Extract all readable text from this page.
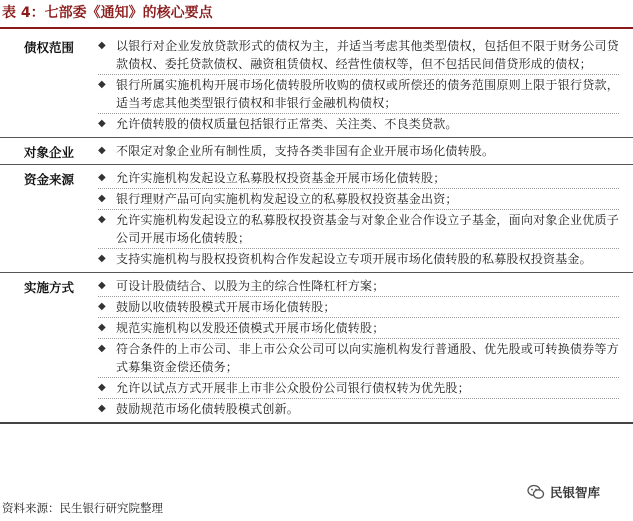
表 4：七部委《通知》的核心要点
债权范围	◆ 以银行对企业发放贷款形式的债权为主，并适当考虑其他类型债权，包括但不限于财务公司贷款债权、委托贷款债权、融资租赁债权、经营性债权等，但不包括民间借贷形成的债权；
◆ 银行所属实施机构开展市场化债转股所收购的债权或所偿还的债务范围原则上限于银行贷款，适当考虑其他类型银行债权和非银行金融机构债权；
◆ 允许债转股的债权质量包括银行正常类、关注类、不良类贷款。
对象企业	◆ 不限定对象企业所有制性质，支持各类非国有企业开展市场化债转股。
资金来源	◆ 允许实施机构发起设立私募股权投资基金开展市场化债转股；
◆ 银行理财产品可向实施机构发起设立的私募股权投资基金出资；
◆ 允许实施机构发起设立的私募股权投资基金与对象企业合作设立子基金，面向对象企业优质子公司开展市场化债转股；
◆ 支持实施机构与股权投资机构合作发起设立专项开展市场化债转股的私募股权投资基金。
实施方式	◆ 可设计股债结合、以股为主的综合性降杠杆方案；
◆ 鼓励以收债转股模式开展市场化债转股；
◆ 规范实施机构以发股还债模式开展市场化债转股；
◆ 符合条件的上市公司、非上市公众公司可以向实施机构发行普通股、优先股或可转换债券等方式募集资金偿还债务；
◆ 允许以试点方式开展非上市非公众股份公司银行债权转为优先股；
◆ 鼓励规范市场化债转股模式创新。
资料来源：民生银行研究院整理
民银智库
